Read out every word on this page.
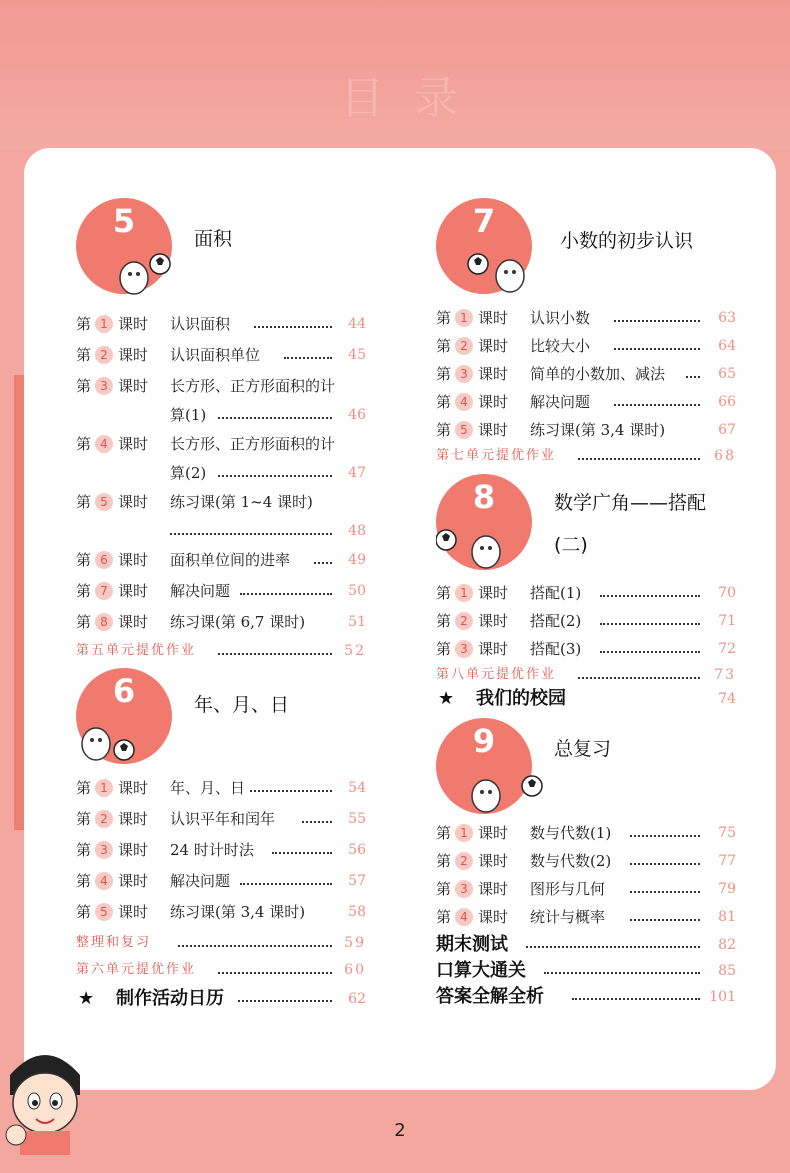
目录
5	面积
第 1 课时 认识面积	44
第 2 课时 认识面积单位	45
第 3 课时 长方形、正方形面积的计
算(1)	46
第 4 课时 长方形、正方形面积的计
算(2)	47
第 5 课时 练习课(第 1~4 课时)
48
第 6 课时 面积单位间的进率	49
第 7 课时 解决问题	50
第 8 课时 练习课(第 6,7 课时)	51
第五单元提优作业	52
6	年、月、日
第 1 课时 年、月、日	54
第 2 课时 认识平年和闰年	55
第 3 课时 24 时计时法	56
第 4 课时 解决问题	57
第 5 课时 练习课(第 3,4 课时)	58
整理和复习	59
第六单元提优作业	60
★ 制作活动日历	62
7
小数的初步认识
第 1 课时 认识小数	63
第 2 课时 比较大小	64
第 3 课时 简单的小数加、减法	65
第 4 课时 解决问题	66
第 5 课时 练习课(第 3,4 课时)	67
第七单元提优作业	68
8	数学广角——搭配
(二)
第 1 课时 搭配(1)	70
第 2 课时 搭配(2)	71
第 3 课时 搭配(3)	72
第八单元提优作业	73
★ 我们的校园	74
9	总复习
第 1 课时 数与代数(1)	75
第 2 课时 数与代数(2)	77
第 3 课时 图形与几何	79
第 4 课时 统计与概率	81
期末测试	82
口算大通关	85
答案全解全析	101
2
